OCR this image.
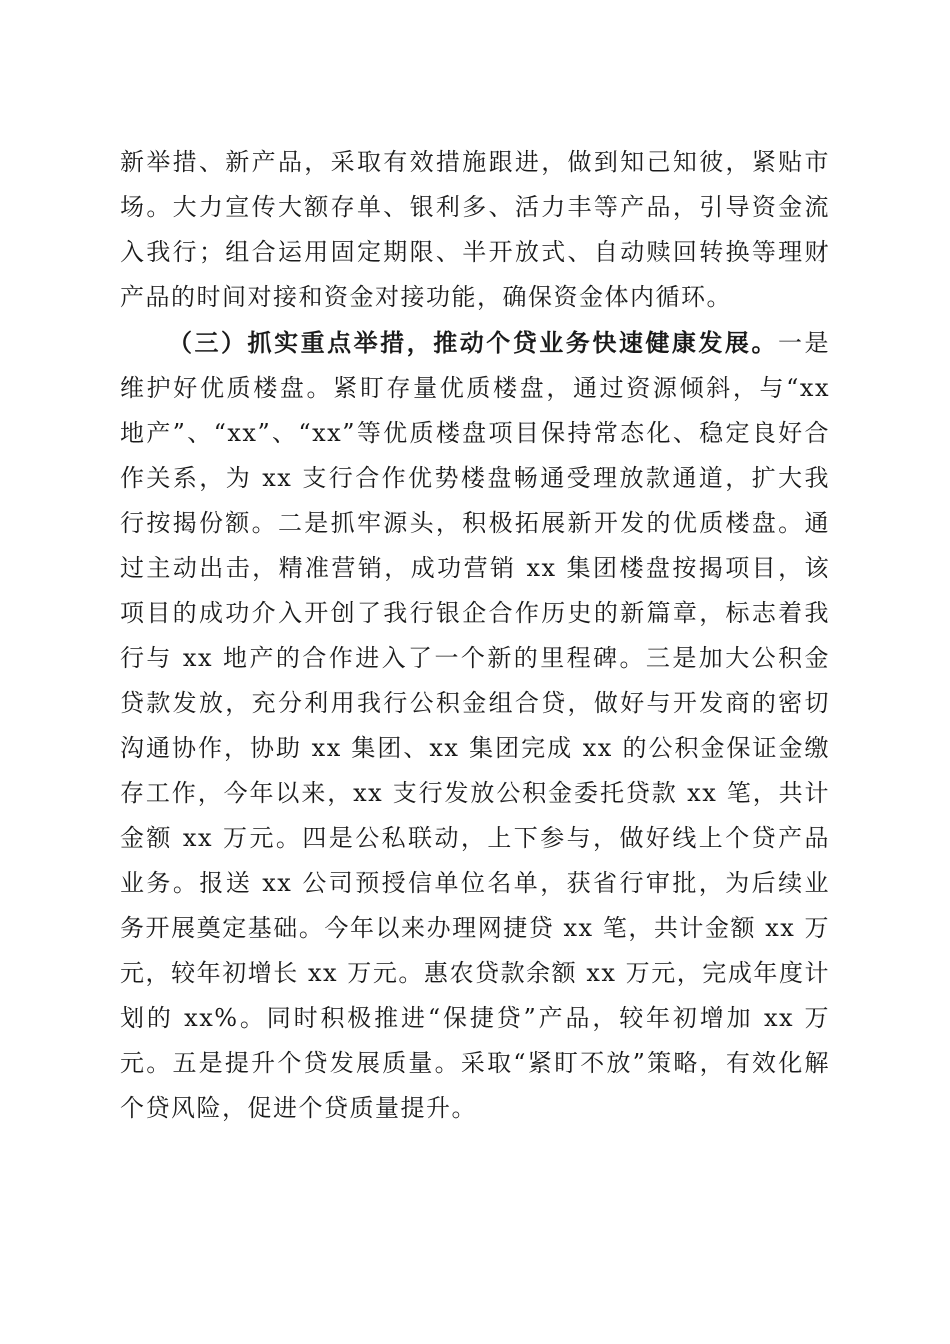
新举措、新产品，采取有效措施跟进，做到知己知彼，紧贴市场。大力宣传大额存单、银利多、活力丰等产品，引导资金流入我行；组合运用固定期限、半开放式、自动赎回转换等理财产品的时间对接和资金对接功能，确保资金体内循环。

（三）抓实重点举措，推动个贷业务快速健康发展。一是维护好优质楼盘。紧盯存量优质楼盘，通过资源倾斜，与“xx 地产”、“xx”、“xx”等优质楼盘项目保持常态化、稳定良好合作关系，为 xx 支行合作优势楼盘畅通受理放款通道，扩大我行按揭份额。二是抓牢源头，积极拓展新开发的优质楼盘。通过主动出击，精准营销，成功营销 xx 集团楼盘按揭项目，该项目的成功介入开创了我行银企合作历史的新篇章，标志着我行与 xx 地产的合作进入了一个新的里程碑。三是加大公积金贷款发放，充分利用我行公积金组合贷，做好与开发商的密切沟通协作，协助 xx 集团、xx 集团完成 xx 的公积金保证金缴存工作，今年以来，xx 支行发放公积金委托贷款 xx 笔，共计金额 xx 万元。四是公私联动，上下参与，做好线上个贷产品业务。报送 xx 公司预授信单位名单，获省行审批，为后续业务开展奠定基础。今年以来办理网捷贷 xx 笔，共计金额 xx 万元，较年初增长 xx 万元。惠农贷款余额 xx 万元，完成年度计划的 xx%。同时积极推进“保捷贷”产品，较年初增加 xx 万元。五是提升个贷发展质量。采取“紧盯不放”策略，有效化解个贷风险，促进个贷质量提升。
